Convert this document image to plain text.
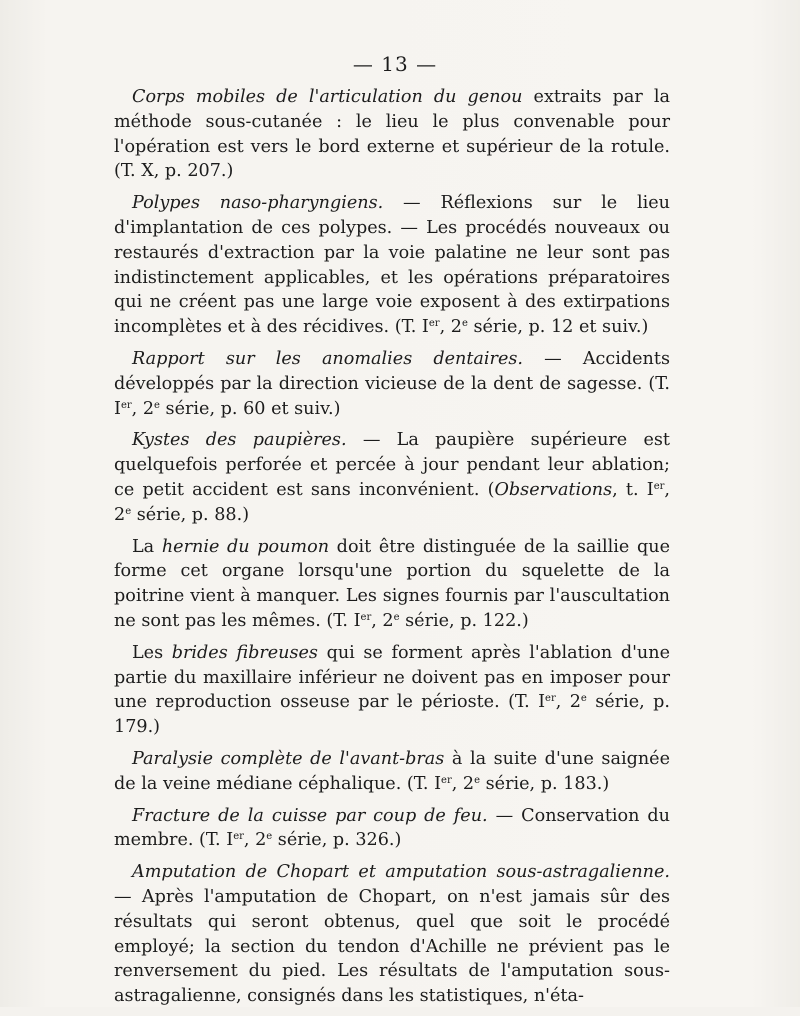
— 13 —

Corps mobiles de l'articulation du genou extraits par la méthode sous-cutanée : le lieu le plus convenable pour l'opération est vers le bord externe et supérieur de la rotule. (T. X, p. 207.)

Polypes naso-pharyngiens. — Réflexions sur le lieu d'implantation de ces polypes. — Les procédés nouveaux ou restaurés d'extraction par la voie palatine ne leur sont pas indistinctement applicables, et les opérations préparatoires qui ne créent pas une large voie exposent à des extirpations incomplètes et à des récidives. (T. Ier, 2e série, p. 12 et suiv.)

Rapport sur les anomalies dentaires. — Accidents développés par la direction vicieuse de la dent de sagesse. (T. Ier, 2e série, p. 60 et suiv.)

Kystes des paupières. — La paupière supérieure est quelquefois perforée et percée à jour pendant leur ablation; ce petit accident est sans inconvénient. (Observations, t. Ier, 2e série, p. 88.)

La hernie du poumon doit être distinguée de la saillie que forme cet organe lorsqu'une portion du squelette de la poitrine vient à manquer. Les signes fournis par l'auscultation ne sont pas les mêmes. (T. Ier, 2e série, p. 122.)

Les brides fibreuses qui se forment après l'ablation d'une partie du maxillaire inférieur ne doivent pas en imposer pour une reproduction osseuse par le périoste. (T. Ier, 2e série, p. 179.)

Paralysie complète de l'avant-bras à la suite d'une saignée de la veine médiane céphalique. (T. Ier, 2e série, p. 183.)

Fracture de la cuisse par coup de feu. — Conservation du membre. (T. Ier, 2e série, p. 326.)

Amputation de Chopart et amputation sous-astragalienne. — Après l'amputation de Chopart, on n'est jamais sûr des résultats qui seront obtenus, quel que soit le procédé employé; la section du tendon d'Achille ne prévient pas le renversement du pied. Les résultats de l'amputation sous-astragalienne, consignés dans les statistiques, n'éta-
